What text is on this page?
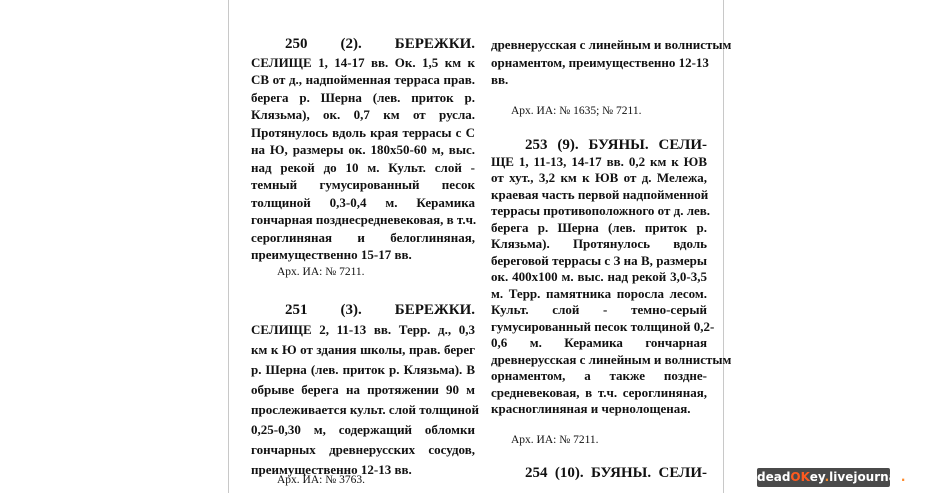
250 (2). БЕРЕЖКИ.
СЕЛИЩЕ 1, 14-17 вв. Ок. 1,5 км к
СВ от д., надпойменная терраса прав.
берега р. Шерна (лев. приток р.
Клязьма), ок. 0,7 км от русла.
Протянулось вдоль края террасы с С
на Ю, размеры ок. 180х50-60 м, выс.
над рекой до 10 м. Культ. слой -
темный гумусированный песок
толщиной 0,3-0,4 м. Керамика
гончарная позднесредневековая, в т.ч.
сероглиняная и белоглиняная,
преимущественно 15-17 вв.
Арх. ИА: № 7211.
251 (3). БЕРЕЖКИ.
СЕЛИЩЕ 2, 11-13 вв. Терр. д., 0,3
км к Ю от здания школы, прав. берег
р. Шерна (лев. приток р. Клязьма). В
обрыве берега на протяжении 90 м
прослеживается культ. слой толщиной
0,25-0,30 м, содержащий обломки
гончарных древнерусских сосудов,
преимущественно 12-13 вв.
Арх. ИА: № 3763.
древнерусская с линейным и волнистым
орнаментом, преимущественно 12-13
вв.
Арх. ИА: № 1635; № 7211.
253 (9). БУЯНЫ. СЕЛИ-
ЩЕ 1, 11-13, 14-17 вв. 0,2 км к ЮВ
от хут., 3,2 км к ЮВ от д. Мележа,
краевая часть первой надпойменной
террасы противоположного от д. лев.
берега р. Шерна (лев. приток р.
Клязьма). Протянулось вдоль
береговой террасы с З на В, размеры
ок. 400х100 м. выс. над рекой 3,0-3,5
м. Терр. памятника поросла лесом.
Культ. слой - темно-серый
гумусированный песок толщиной 0,2-
0,6 м. Керамика гончарная
древнерусская с линейным и волнистым
орнаментом, а также поздне-
средневековая, в т.ч. сероглиняная,
красноглиняная и чернолощеная.
Арх. ИА: № 7211.
254 (10). БУЯНЫ. СЕЛИ-	deadOKey.livejournal.com
